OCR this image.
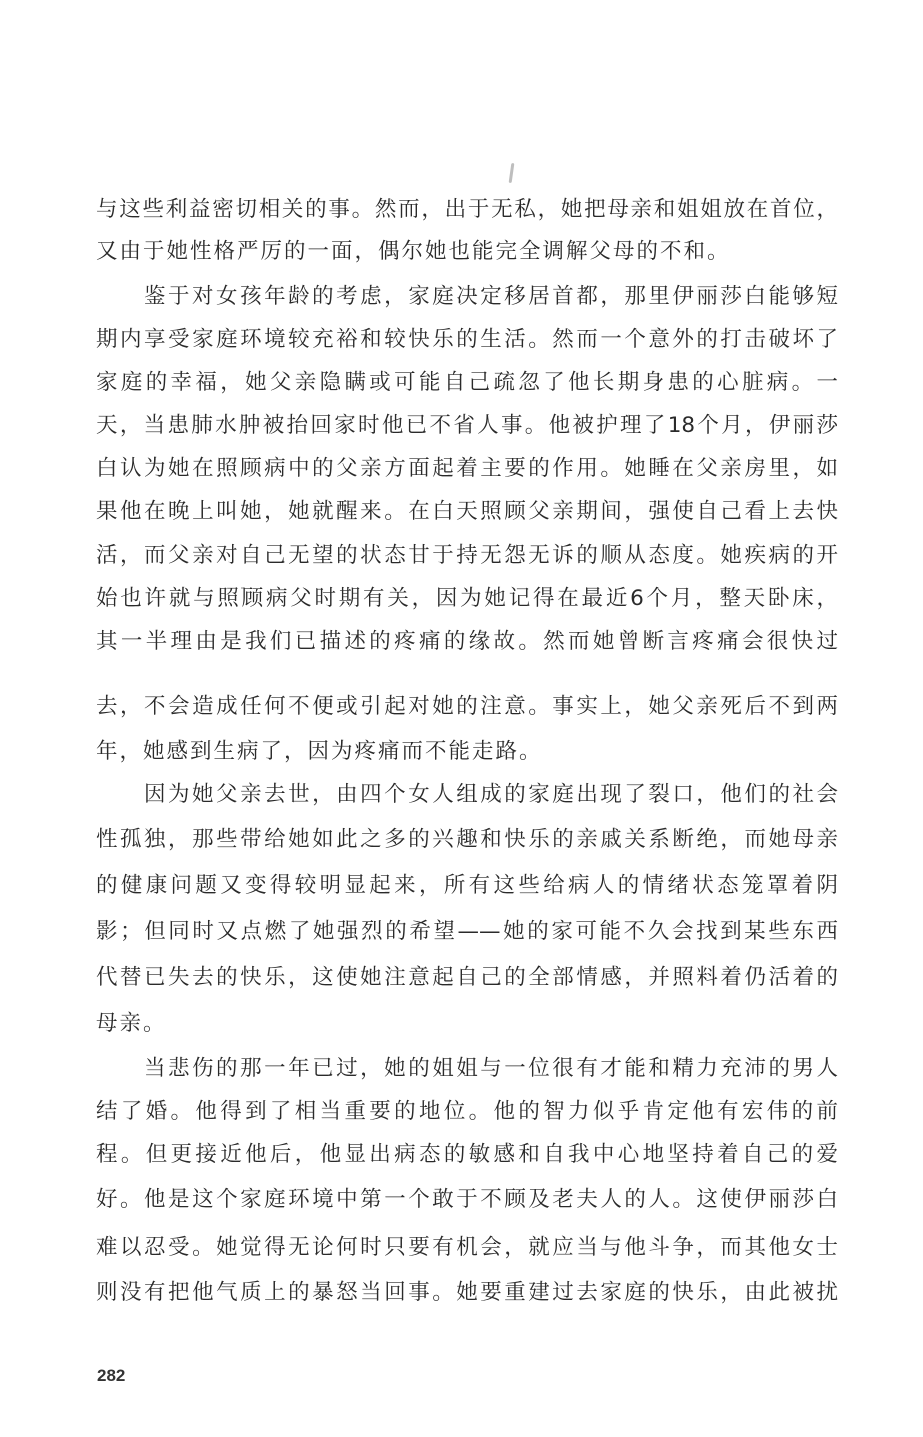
与这些利益密切相关的事。然而，出于无私，她把母亲和姐姐放在首位，
又由于她性格严厉的一面，偶尔她也能完全调解父母的不和。
鉴于对女孩年龄的考虑，家庭决定移居首都，那里伊丽莎白能够短
期内享受家庭环境较充裕和较快乐的生活。然而一个意外的打击破坏了
家庭的幸福，她父亲隐瞒或可能自己疏忽了他长期身患的心脏病。一
天，当患肺水肿被抬回家时他已不省人事。他被护理了18个月，伊丽莎
白认为她在照顾病中的父亲方面起着主要的作用。她睡在父亲房里，如
果他在晚上叫她，她就醒来。在白天照顾父亲期间，强使自己看上去快
活，而父亲对自己无望的状态甘于持无怨无诉的顺从态度。她疾病的开
始也许就与照顾病父时期有关，因为她记得在最近6个月，整天卧床，
其一半理由是我们已描述的疼痛的缘故。然而她曾断言疼痛会很快过
去，不会造成任何不便或引起对她的注意。事实上，她父亲死后不到两
年，她感到生病了，因为疼痛而不能走路。
因为她父亲去世，由四个女人组成的家庭出现了裂口，他们的社会
性孤独，那些带给她如此之多的兴趣和快乐的亲戚关系断绝，而她母亲
的健康问题又变得较明显起来，所有这些给病人的情绪状态笼罩着阴
影；但同时又点燃了她强烈的希望——她的家可能不久会找到某些东西
代替已失去的快乐，这使她注意起自己的全部情感，并照料着仍活着的
母亲。
当悲伤的那一年已过，她的姐姐与一位很有才能和精力充沛的男人
结了婚。他得到了相当重要的地位。他的智力似乎肯定他有宏伟的前
程。但更接近他后，他显出病态的敏感和自我中心地坚持着自己的爱
好。他是这个家庭环境中第一个敢于不顾及老夫人的人。这使伊丽莎白
难以忍受。她觉得无论何时只要有机会，就应当与他斗争，而其他女士
则没有把他气质上的暴怒当回事。她要重建过去家庭的快乐，由此被扰
282
